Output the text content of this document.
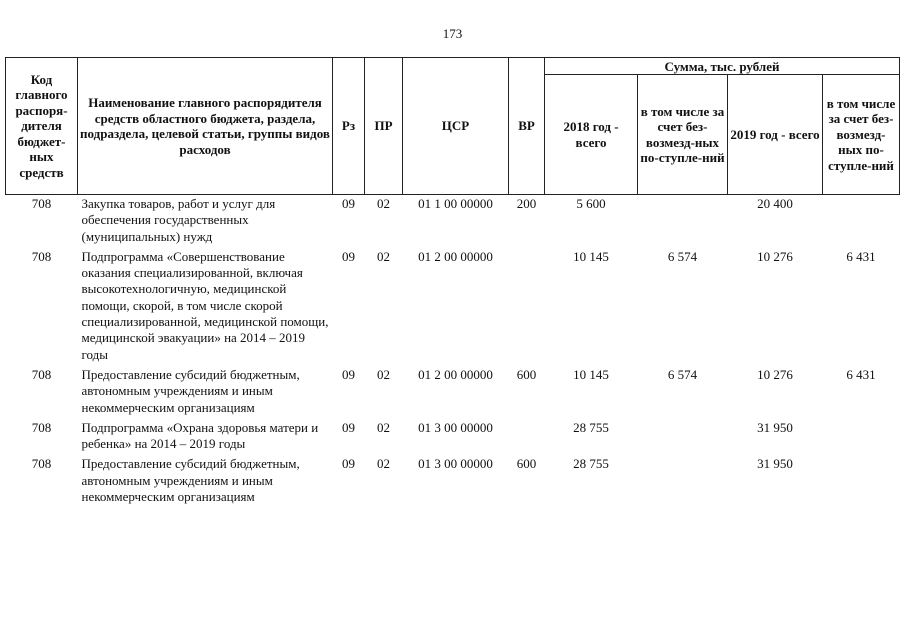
173
Код главного распоря-дителя бюджет-ных средств	Наименование главного распорядителя средств областного бюджета, раздела, подраздела, целевой статьи, группы видов расходов	Рз	ПР	ЦСР	ВР	Сумма, тыс. рублей			
						2018 год - всего	в том числе за счет без-возмезд-ных по-ступле-ний	2019 год - всего	в том числе за счет без-возмезд-ных по-ступле-ний
708	Закупка товаров, работ и услуг для обеспечения государственных (муниципальных) нужд	09	02	01 1 00 00000	200	5 600		20 400	
708	Подпрограмма «Совершенствование оказания специализированной, включая высокотехнологичную, медицинской помощи, скорой, в том числе скорой специализированной, медицинской помощи, медицинской эвакуации» на 2014 – 2019 годы	09	02	01 2 00 00000		10 145	6 574	10 276	6 431
708	Предоставление субсидий бюджетным, автономным учреждениям и иным некоммерческим организациям	09	02	01 2 00 00000	600	10 145	6 574	10 276	6 431
708	Подпрограмма «Охрана здоровья матери и ребенка» на 2014 – 2019 годы	09	02	01 3 00 00000		28 755		31 950	
708	Предоставление субсидий бюджетным, автономным учреждениям и иным некоммерческим организациям	09	02	01 3 00 00000	600	28 755		31 950	
